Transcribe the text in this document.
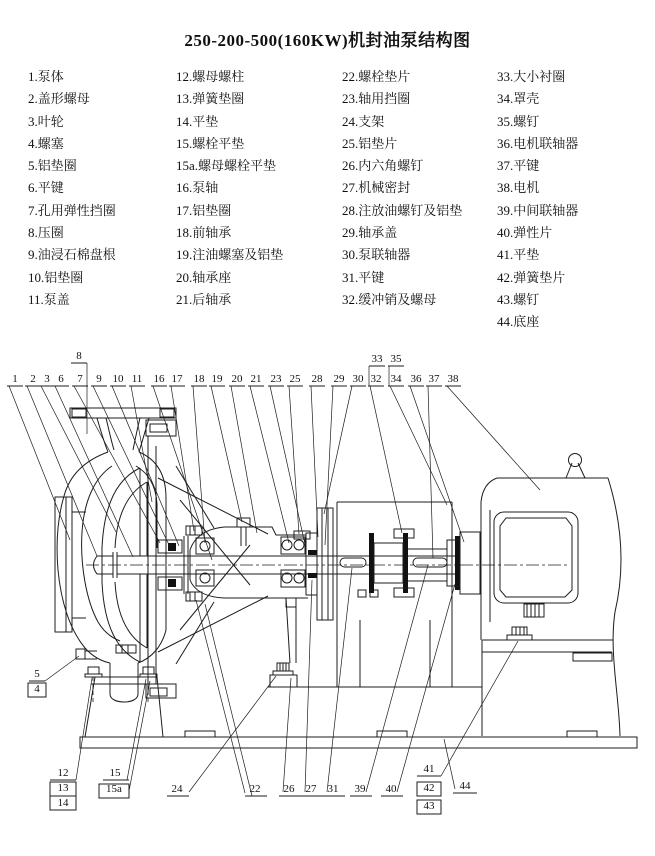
250-200-500(160KW)机封油泵结构图
1.泵体
2.盖形螺母
3.叶轮
4.螺塞
5.铝垫圈
6.平键
7.孔用弹性挡圈
8.压圈
9.油浸石棉盘根
10.铝垫圈
11.泵盖
12.螺母螺柱
13.弹簧垫圈
14.平垫
15.螺栓平垫
15a.螺母螺栓平垫
16.泵轴
17.铝垫圈
18.前轴承
19.注油螺塞及铝垫
20.轴承座
21.后轴承
22.螺栓垫片
23.轴用挡圈
24.支架
25.铝垫片
26.内六角螺钉
27.机械密封
28.注放油螺钉及铝垫
29.轴承盖
30.泵联轴器
31.平键
32.缓冲销及螺母
33.大小衬圈
34.罩壳
35.螺钉
36.电机联轴器
37.平键
38.电机
39.中间联轴器
40.弹性片
41.平垫
42.弹簧垫片
43.螺钉
44.底座
1 2 3 6
8
7 9 10 11 16 17 18 19 20 21 23 25 28 29 30
33 35
32 34 36 37 38
5
4
12
13
14
15
15a	24	22 26 27 31 39 40
41
42
43
44
